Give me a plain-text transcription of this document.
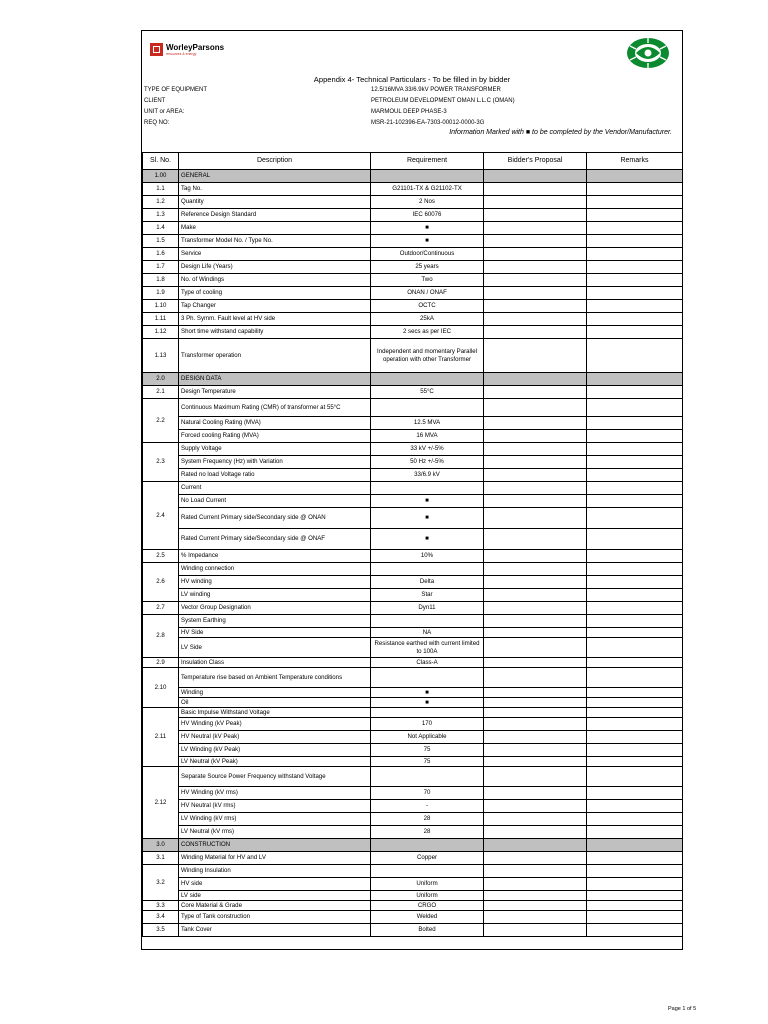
WorleyParsons
resources & energy
Appendix 4- Technical Particulars - To be filled in by bidder
TYPE OF EQUIPMENT	12.5/16MVA 33/6.9kV POWER TRANSFORMER
CLIENT	PETROLEUM DEVELOPMENT OMAN L.L.C (OMAN)
UNIT or AREA:	MARMOUL DEEP PHASE-3
REQ NO:	MSR-21-102396-EA-7303-00012-0000-3G
Information Marked with ■ to be completed by the Vendor/Manufacturer.
Sl. No.	Description	Requirement	Bidder's Proposal	Remarks
1.00	GENERAL			
1.1	Tag No.	G21101-TX & G21102-TX		
1.2	Quantity	2 Nos		
1.3	Reference Design Standard	IEC 60076		
1.4	Make	■		
1.5	Transformer Model No. / Type No.	■		
1.6	Service	Outdoor/Continuous		
1.7	Design Life (Years)	25 years		
1.8	No. of Windings	Two		
1.9	Type of cooling	ONAN / ONAF		
1.10	Tap Changer	OCTC		
1.11	3 Ph. Symm. Fault level at HV side	25kA		
1.12	Short time withstand capability	2 secs as per IEC		
1.13	Transformer operation	Independent and momentary Parallel operation with other Transformer		
2.0	DESIGN DATA			
2.1	Design Temperature	55°C		
2.2	Continuous Maximum Rating (CMR) of transformer at 55°C			
	Natural Cooling Rating (MVA)	12.5 MVA		
	Forced cooling Rating (MVA)	16 MVA		
2.3	Supply Voltage	33 kV +/-5%		
	System Frequency (Hz) with Variation	50 Hz +/-5%		
	Rated no load Voltage ratio	33/6.9 kV		
2.4	Current			
	No Load Current	■		
	Rated Current Primary side/Secondary side @ ONAN	■		
	Rated Current Primary side/Secondary side @ ONAF	■		
2.5	% Impedance	10%		
2.6	Winding connection			
	HV winding	Delta		
	LV winding	Star		
2.7	Vector Group Designation	Dyn11		
2.8	System Earthing			
	HV Side	NA		
	LV Side	Resistance earthed with current limited to 100A		
2.9	Insulation Class	Class-A		
2.10	Temperature rise based on Ambient Temperature conditions			
	Winding	■		
	Oil	■		
2.11	Basic Impulse Withstand Voltage			
	HV Winding (kV Peak)	170		
	HV Neutral (kV Peak)	Not Applicable		
	LV Winding (kV Peak)	75		
	LV Neutral (kV Peak)	75		
2.12	Separate Source Power Frequency withstand Voltage			
	HV Winding (kV rms)	70		
	HV Neutral (kV rms)	-		
	LV Winding (kV rms)	28		
	LV Neutral (kV rms)	28		
3.0	CONSTRUCTION			
3.1	Winding Material for HV and LV	Copper		
3.2	Winding Insulation			
	HV side	Uniform		
	LV side	Uniform		
3.3	Core Material & Grade	CRGO		
3.4	Type of Tank construction	Welded		
3.5	Tank Cover	Bolted		
Page 1 of 5
